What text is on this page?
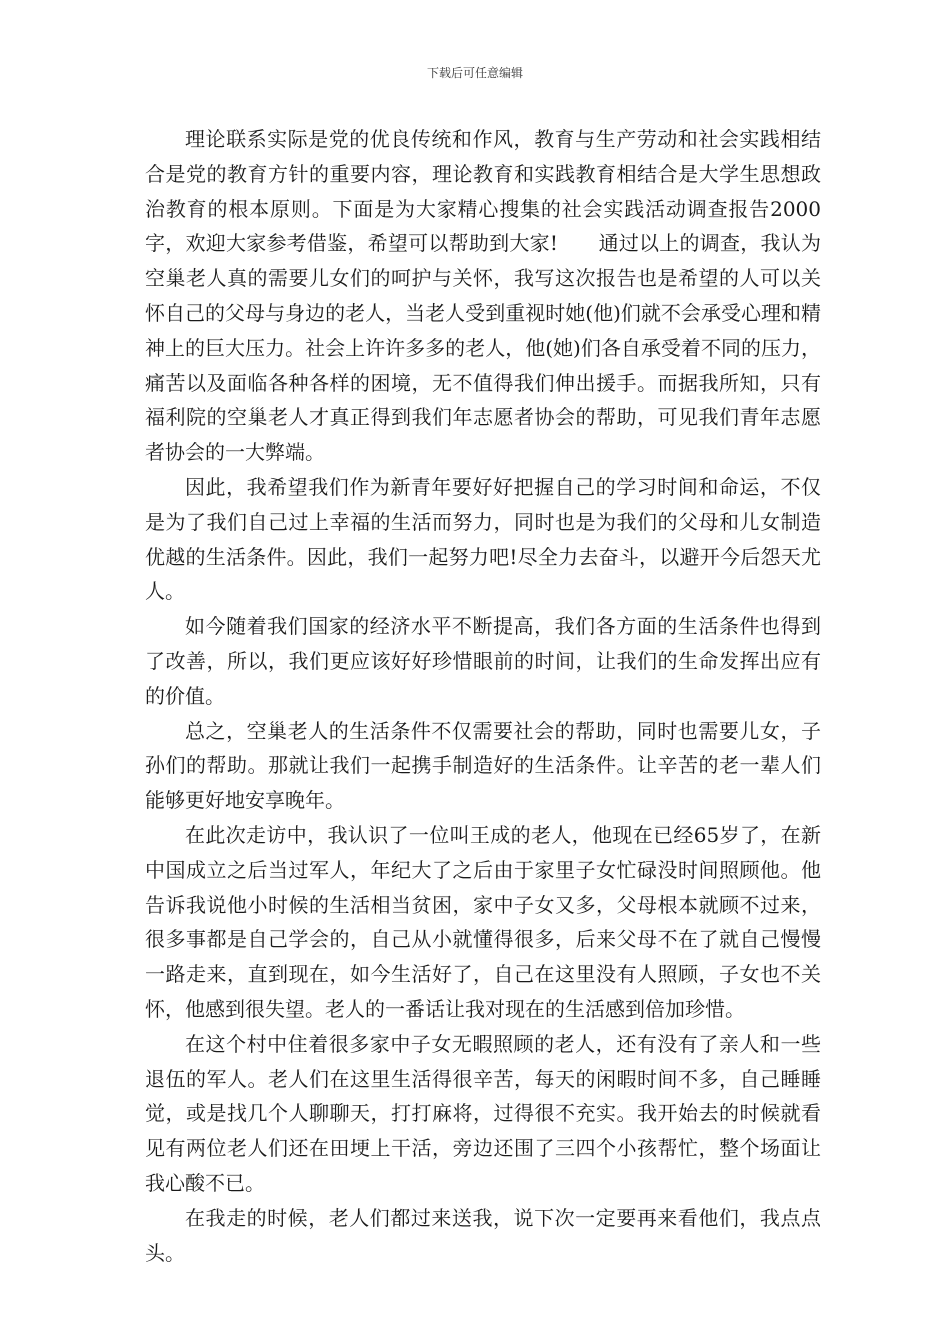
下载后可任意编辑

理论联系实际是党的优良传统和作风，教育与生产劳动和社会实践相结合是党的教育方针的重要内容，理论教育和实践教育相结合是大学生思想政治教育的根本原则。下面是为大家精心搜集的社会实践活动调查报告2000字，欢迎大家参考借鉴，希望可以帮助到大家!　　通过以上的调查，我认为空巢老人真的需要儿女们的呵护与关怀，我写这次报告也是希望的人可以关怀自己的父母与身边的老人，当老人受到重视时她(他)们就不会承受心理和精神上的巨大压力。社会上许许多多的老人，他(她)们各自承受着不同的压力，痛苦以及面临各种各样的困境，无不值得我们伸出援手。而据我所知，只有福利院的空巢老人才真正得到我们年志愿者协会的帮助，可见我们青年志愿者协会的一大弊端。

因此，我希望我们作为新青年要好好把握自己的学习时间和命运，不仅是为了我们自己过上幸福的生活而努力，同时也是为我们的父母和儿女制造优越的生活条件。因此，我们一起努力吧!尽全力去奋斗，以避开今后怨天尤人。

如今随着我们国家的经济水平不断提高，我们各方面的生活条件也得到了改善，所以，我们更应该好好珍惜眼前的时间，让我们的生命发挥出应有的价值。

总之，空巢老人的生活条件不仅需要社会的帮助，同时也需要儿女，子孙们的帮助。那就让我们一起携手制造好的生活条件。让辛苦的老一辈人们能够更好地安享晚年。

在此次走访中，我认识了一位叫王成的老人，他现在已经65岁了，在新中国成立之后当过军人，年纪大了之后由于家里子女忙碌没时间照顾他。他告诉我说他小时候的生活相当贫困，家中子女又多，父母根本就顾不过来，很多事都是自己学会的，自己从小就懂得很多，后来父母不在了就自己慢慢一路走来，直到现在，如今生活好了，自己在这里没有人照顾，子女也不关怀，他感到很失望。老人的一番话让我对现在的生活感到倍加珍惜。

在这个村中住着很多家中子女无暇照顾的老人，还有没有了亲人和一些退伍的军人。老人们在这里生活得很辛苦，每天的闲暇时间不多，自己睡睡觉，或是找几个人聊聊天，打打麻将，过得很不充实。我开始去的时候就看见有两位老人们还在田埂上干活，旁边还围了三四个小孩帮忙，整个场面让我心酸不已。

在我走的时候，老人们都过来送我，说下次一定要再来看他们，我点点头。
